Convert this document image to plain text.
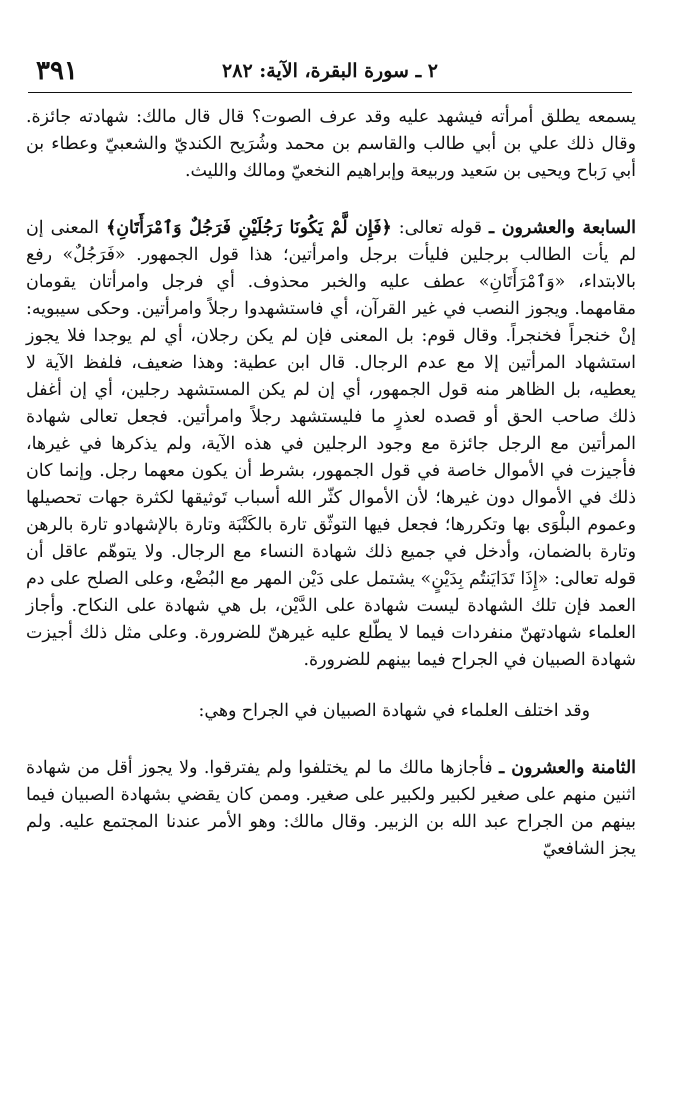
٣٩١	٢ ـ سورة البقرة، الآية: ٢٨٢

يسمعه يطلق أمرأته فيشهد عليه وقد عرف الصوت؟ قال قال مالك: شهادته جائزة. وقال ذلك علي بن أبي طالب والقاسم بن محمد وشُرَيح الكنديّ والشعبيّ وعطاء بن أبي رَباح ويحيى بن سَعيد وربيعة وإبراهيم النخعيّ ومالك والليث.

السابعة والعشرون ـ قوله تعالى: ﴿فَإِن لَّمْ يَكُونَا رَجُلَيْنِ فَرَجُلٌ وَٱمْرَأَتَانِ﴾ المعنى إن لم يأت الطالب برجلين فليأت برجل وامرأتين؛ هذا قول الجمهور. «فَرَجُلٌ» رفع بالابتداء، «وَٱمْرَأَتَانِ» عطف عليه والخبر محذوف. أي فرجل وامرأتان يقومان مقامهما. ويجوز النصب في غير القرآن، أي فاستشهدوا رجلاً وامرأتين. وحكى سيبويه: إنْ خنجراً فخنجراً. وقال قوم: بل المعنى فإن لم يكن رجلان، أي لم يوجدا فلا يجوز استشهاد المرأتين إلا مع عدم الرجال. قال ابن عطية: وهذا ضعيف، فلفظ الآية لا يعطيه، بل الظاهر منه قول الجمهور، أي إن لم يكن المستشهد رجلين، أي إن أغفل ذلك صاحب الحق أو قصده لعذرٍ ما فليستشهد رجلاً وامرأتين. فجعل تعالى شهادة المرأتين مع الرجل جائزة مع وجود الرجلين في هذه الآية، ولم يذكرها في غيرها، فأجيزت في الأموال خاصة في قول الجمهور، بشرط أن يكون معهما رجل. وإنما كان ذلك في الأموال دون غيرها؛ لأن الأموال كثّر الله أسباب تَوثيقها لكثرة جهات تحصيلها وعموم البلْوَى بها وتكررها؛ فجعل فيها التوثّق تارة بالكَتْبَة وتارة بالإشهادو تارة بالرهن وتارة بالضمان، وأدخل في جميع ذلك شهادة النساء مع الرجال. ولا يتوهّم عاقل أن قوله تعالى: «إِذَا تَدَايَنتُم بِدَيْنٍ» يشتمل على دَيْن المهر مع البُضْع، وعلى الصلح على دم العمد فإن تلك الشهادة ليست شهادة على الدَّيْن، بل هي شهادة على النكاح. وأجاز العلماء شهادتهنّ منفردات فيما لا يطّلع عليه غيرهنّ للضرورة. وعلى مثل ذلك أجيزت شهادة الصبيان في الجراح فيما بينهم للضرورة.

وقد اختلف العلماء في شهادة الصبيان في الجراح وهي:

الثامنة والعشرون ـ فأجازها مالك ما لم يختلفوا ولم يفترقوا. ولا يجوز أقل من شهادة اثنين منهم على صغير لكبير ولكبير على صغير. وممن كان يقضي بشهادة الصبيان فيما بينهم من الجراح عبد الله بن الزبير. وقال مالك: وهو الأمر عندنا المجتمع عليه. ولم يجز الشافعيّ
